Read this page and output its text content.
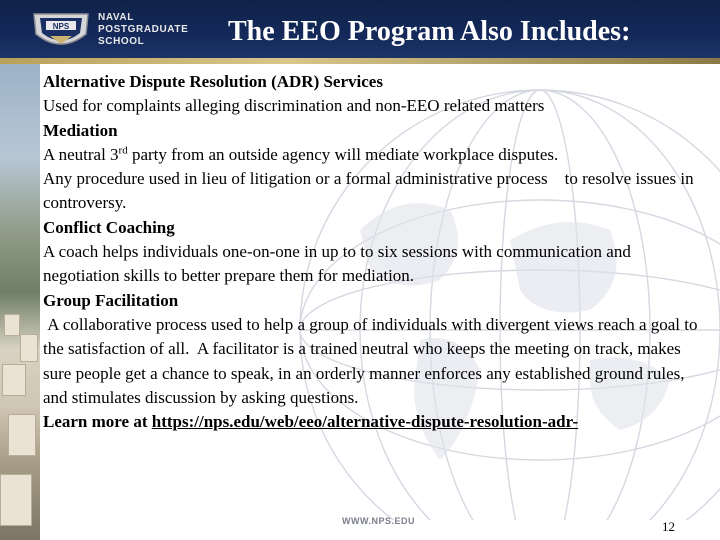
NPS
NAVAL
POSTGRADUATE
SCHOOL	The EEO Program Also Includes:

Alternative Dispute Resolution (ADR) Services

Used for complaints alleging discrimination and non-EEO related matters

Mediation

A neutral 3rd party from an outside agency will mediate workplace disputes.

Any procedure used in lieu of litigation or a formal administrative process    to resolve issues in controversy.

Conflict Coaching

A coach helps individuals one-on-one in up to to six sessions with communication and negotiation skills to better prepare them for mediation.

Group Facilitation

A collaborative process used to help a group of individuals with divergent views reach a goal to the satisfaction of all.  A facilitator is a trained neutral who keeps the meeting on track, makes sure people get a chance to speak, in an orderly manner enforces any established ground rules, and stimulates discussion by asking questions.

Learn more at https://nps.edu/web/eeo/alternative-dispute-resolution-adr-

WWW.NPS.EDU	12
